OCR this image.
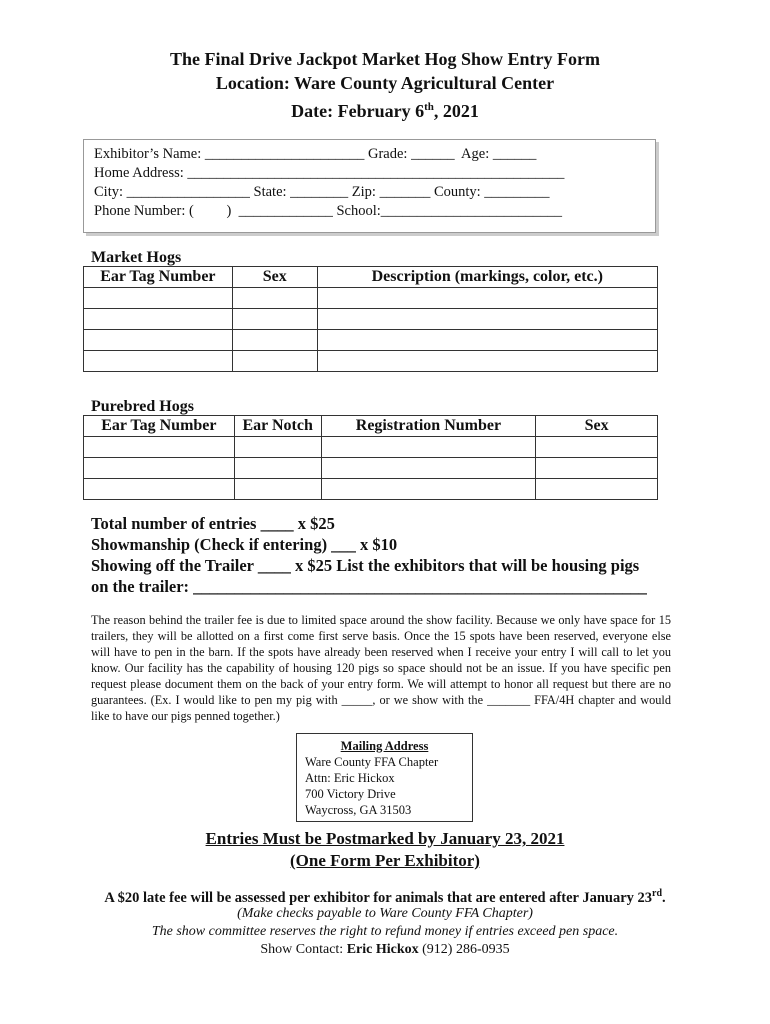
The Final Drive Jackpot Market Hog Show Entry Form
Location: Ware County Agricultural Center
Date: February 6th, 2021
Exhibitor’s Name: ______________________ Grade: ______  Age: ______
Home Address: ____________________________________________________
City: _________________ State: ________ Zip: _______ County: _________
Phone Number: (         )  _____________ School:_________________________
Market Hogs
Ear Tag Number	Sex	Description (markings, color, etc.)

Purebred Hogs
Ear Tag Number	Ear Notch	Registration Number	Sex

Total number of entries ____ x $25
Showmanship (Check if entering) ___ x $10
Showing off the Trailer ____ x $25 List the exhibitors that will be housing pigs
on the trailer: _______________________________________________________
The reason behind the trailer fee is due to limited space around the show facility. Because we only have space for 15 trailers, they will be allotted on a first come first serve basis. Once the 15 spots have been reserved, everyone else will have to pen in the barn. If the spots have already been reserved when I receive your entry I will call to let you know. Our facility has the capability of housing 120 pigs so space should not be an issue. If you have specific pen request please document them on the back of your entry form. We will attempt to honor all request but there are no guarantees. (Ex. I would like to pen my pig with _____, or we show with the _______ FFA/4H chapter and would like to have our pigs penned together.)
Mailing Address
Ware County FFA Chapter
Attn: Eric Hickox
700 Victory Drive
Waycross, GA 31503
Entries Must be Postmarked by January 23, 2021
(One Form Per Exhibitor)
A $20 late fee will be assessed per exhibitor for animals that are entered after January 23rd.
(Make checks payable to Ware County FFA Chapter)
The show committee reserves the right to refund money if entries exceed pen space.
Show Contact: Eric Hickox (912) 286-0935
